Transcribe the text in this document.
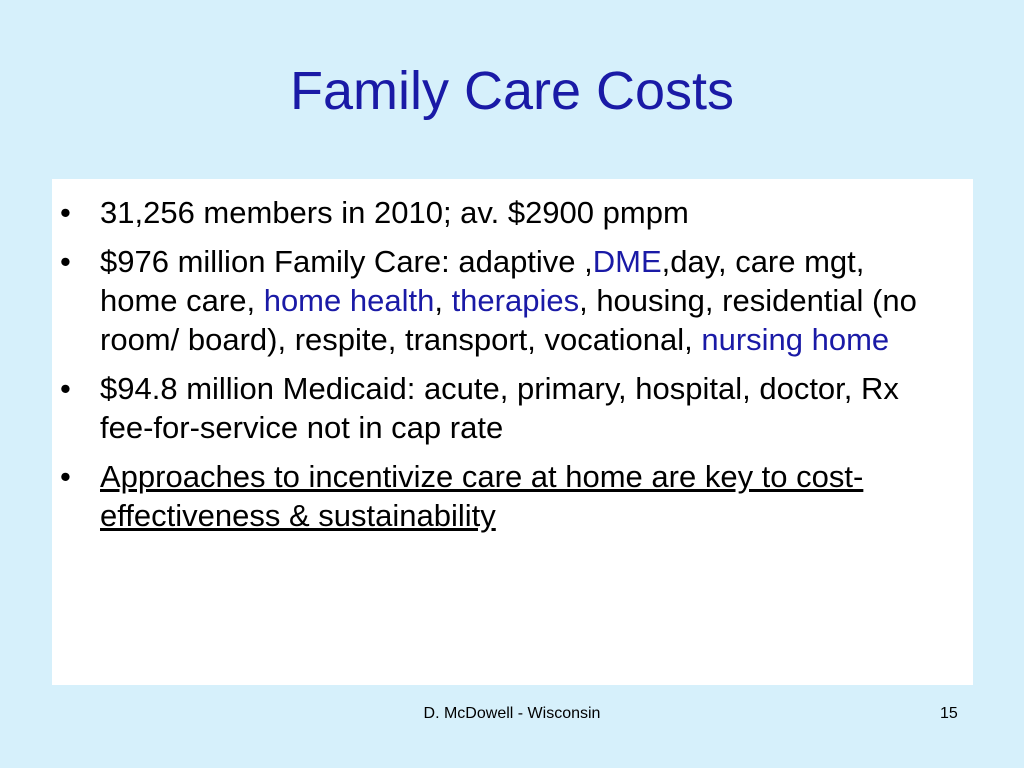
Family Care Costs
• 31,256 members in 2010; av. $2900 pmpm
• $976 million Family Care: adaptive ,DME,day, care mgt, home care, home health, therapies, housing, residential (no room/ board), respite, transport, vocational, nursing home
• $94.8 million Medicaid: acute, primary, hospital, doctor, Rx fee-for-service not in cap rate
• Approaches to incentivize care at home are key to cost-effectiveness & sustainability
D. McDowell - Wisconsin	15
